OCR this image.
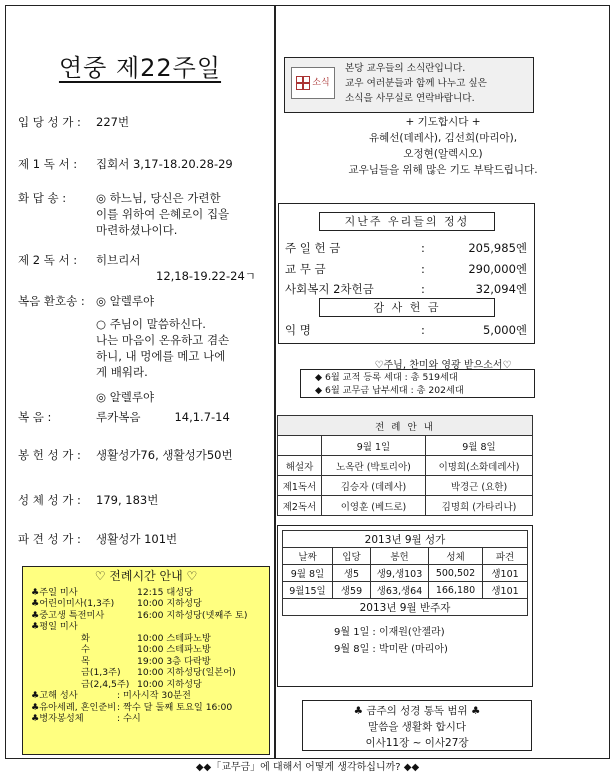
연중 제22주일
입 당 성 가 : 227번
제 1 독 서 : 집회서 3,17-18.20.28-29
화 답 송 :	◎ 하느님, 당신은 가련한
이를 위하여 은혜로이 집을
마련하셨나이다.
제 2 독 서 : 히브리서
12,18-19.22-24ㄱ
복음 환호송 : ◎ 알렐루야
○ 주님이 말씀하신다.
나는 마음이 온유하고 겸손
하니, 내 멍에를 메고 나에
게 배워라.
◎ 알렐루야
복 음 :	루카복음	14,1.7-14
봉 헌 성 가 : 생활성가76, 생활성가50번
성 체 성 가 : 179, 183번
파 견 성 가 : 생활성가 101번
♡ 전례시간 안내 ♡
♣주일 미사	12:15 대성당
♣어린이미사(1,3주) 10:00 지하성당
♣중고생 특전미사	16:00 지하성당(넷째주 토)
♣평일 미사
화	10:00 스테파노방
수	10:00 스테파노방
목	19:00 3층 다락방
금(1,3주) 10:00 지하성당(일본어)
금(2,4,5주) 10:00 지하성당
♣고해 성사	: 미사시작 30분전
♣유아세례, 혼인준비 : 짝수 달 둘째 토요일 16:00
♣병자봉성체	: 수시
소식
본당 교우들의 소식란입니다.
교우 여러분들과 함께 나누고 싶은
소식을 사무실로 연락바랍니다.
+ 기도합시다 +
유혜선(데레사), 김선희(마리아),
오정현(알렉시오)
교우님들을 위해 많은 기도 부탁드립니다.
지난주 우리들의 정성
주 일 헌 금	:	205,985엔
교 무 금	:	290,000엔
사회복지 2차헌금	:	32,094엔
감 사 헌 금
익 명	:	5,000엔
♡주님, 찬미와 영광 받으소서♡
◆ 6월 교적 등록 세대 : 총 519세대
◆ 6월 교무금 납부세대 : 총 202세대
전 례 안 내		
	9월 1일	9월 8일
해설자	노옥란 (박토리아)	이명희(소화데레사)
제1독서	김승자 (데레사)	박경근 (요한)
제2독서	이영훈 (베드로)	김명희 (가타리나)
2013년 9월 성가				
날짜	입당	봉헌	성체	파견
9월 8일	생5	생9,생103	500,502	생101
9월15일	생59	생63,생64	166,180	생101
2013년 9월 반주자				
9월 1일 : 이재원(안젤라)
9월 8일 : 박미란 (마리아)
♣ 금주의 성경 통독 범위 ♣
말씀을 생활화 합시다
이사11장 ~ 이사27장
◆◆「교무금」에 대해서 어떻게 생각하십니까? ◆◆
